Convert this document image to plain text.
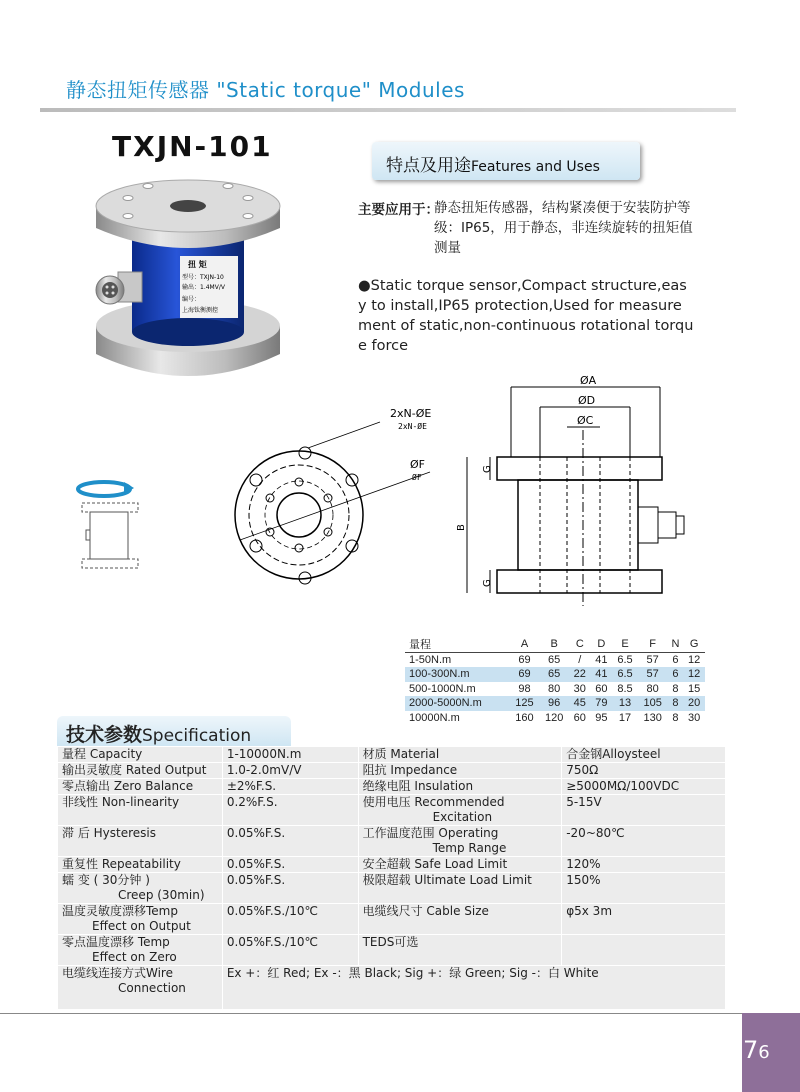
静态扭矩传感器 "Static torque" Modules
TXJN-101
扭 矩
型号：TXJN-10
输出：1.4MV/V
编号：
上海钛衡测控
特点及用途Features and Uses
主要应用于：
静态扭矩传感器，结构紧凑便于安装防护等级：IP65，用于静态，非连续旋转的扭矩值测量
●Static torque sensor,Compact structure,easy to install,IP65 protection,Used for measurement of static,non-continuous rotational torque force
2xN-ØE
2xN-ØE
ØF
ØF
ØA
ØD
ØC
G
G
B
量程	A	B	C	D	E	F	N	G
1-50N.m	69	65	/	41	6.5	57	6	12
100-300N.m	69	65	22	41	6.5	57	6	12
500-1000N.m	98	80	30	60	8.5	80	8	15
2000-5000N.m	125	96	45	79	13	105	8	20
10000N.m	160	120	60	95	17	130	8	30
技术参数Specification
量程 Capacity	1-10000N.m	材质 Material	合金钢Alloysteel
输出灵敏度 Rated Output	1.0-2.0mV/V	阻抗 Impedance	750Ω
零点输出 Zero Balance	±2%F.S.	绝缘电阻 Insulation	≥5000MΩ/100VDC
非线性 Non-linearity	0.2%F.S.	使用电压 Recommended
Excitation	5-15V
滞 后 Hysteresis	0.05%F.S.	工作温度范围 Operating
Temp Range	-20~80℃
重复性 Repeatability	0.05%F.S.	安全超载 Safe Load Limit	120%
蠕 变 ( 30分钟 )
Creep (30min)	0.05%F.S.	极限超载 Ultimate Load Limit	150%
温度灵敏度漂移Temp
Effect on Output	0.05%F.S./10℃	电缆线尺寸 Cable Size	φ5x 3m
零点温度漂移 Temp
Effect on Zero	0.05%F.S./10℃	TEDS可选	
电缆线连接方式Wire
Connection	Ex +：红 Red; Ex -：黑 Black; Sig +：绿 Green; Sig -：白 White		
76
